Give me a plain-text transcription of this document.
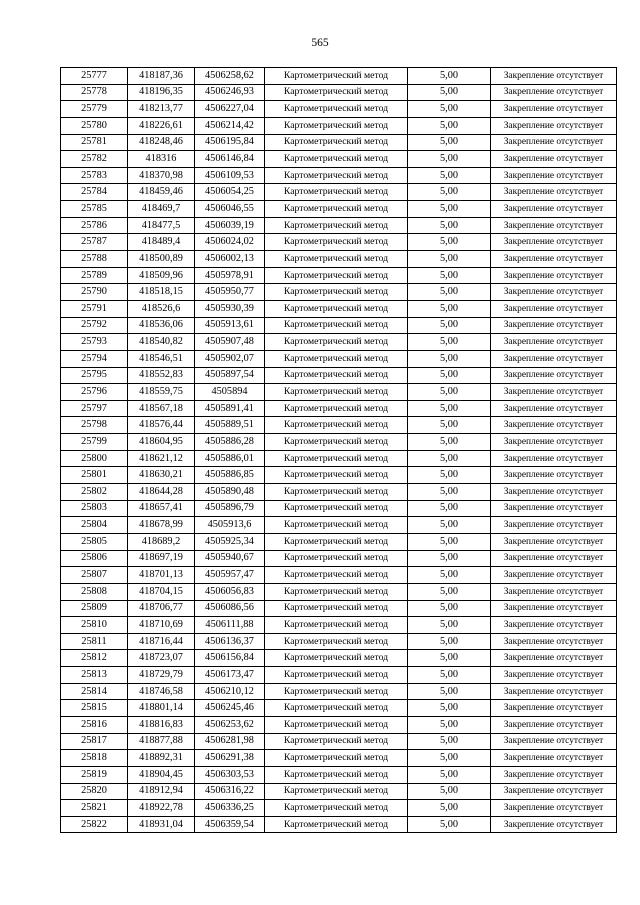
565
25777	418187,36	4506258,62	Картометрический метод	5,00	Закрепление отсутствует
25778	418196,35	4506246,93	Картометрический метод	5,00	Закрепление отсутствует
25779	418213,77	4506227,04	Картометрический метод	5,00	Закрепление отсутствует
25780	418226,61	4506214,42	Картометрический метод	5,00	Закрепление отсутствует
25781	418248,46	4506195,84	Картометрический метод	5,00	Закрепление отсутствует
25782	418316	4506146,84	Картометрический метод	5,00	Закрепление отсутствует
25783	418370,98	4506109,53	Картометрический метод	5,00	Закрепление отсутствует
25784	418459,46	4506054,25	Картометрический метод	5,00	Закрепление отсутствует
25785	418469,7	4506046,55	Картометрический метод	5,00	Закрепление отсутствует
25786	418477,5	4506039,19	Картометрический метод	5,00	Закрепление отсутствует
25787	418489,4	4506024,02	Картометрический метод	5,00	Закрепление отсутствует
25788	418500,89	4506002,13	Картометрический метод	5,00	Закрепление отсутствует
25789	418509,96	4505978,91	Картометрический метод	5,00	Закрепление отсутствует
25790	418518,15	4505950,77	Картометрический метод	5,00	Закрепление отсутствует
25791	418526,6	4505930,39	Картометрический метод	5,00	Закрепление отсутствует
25792	418536,06	4505913,61	Картометрический метод	5,00	Закрепление отсутствует
25793	418540,82	4505907,48	Картометрический метод	5,00	Закрепление отсутствует
25794	418546,51	4505902,07	Картометрический метод	5,00	Закрепление отсутствует
25795	418552,83	4505897,54	Картометрический метод	5,00	Закрепление отсутствует
25796	418559,75	4505894	Картометрический метод	5,00	Закрепление отсутствует
25797	418567,18	4505891,41	Картометрический метод	5,00	Закрепление отсутствует
25798	418576,44	4505889,51	Картометрический метод	5,00	Закрепление отсутствует
25799	418604,95	4505886,28	Картометрический метод	5,00	Закрепление отсутствует
25800	418621,12	4505886,01	Картометрический метод	5,00	Закрепление отсутствует
25801	418630,21	4505886,85	Картометрический метод	5,00	Закрепление отсутствует
25802	418644,28	4505890,48	Картометрический метод	5,00	Закрепление отсутствует
25803	418657,41	4505896,79	Картометрический метод	5,00	Закрепление отсутствует
25804	418678,99	4505913,6	Картометрический метод	5,00	Закрепление отсутствует
25805	418689,2	4505925,34	Картометрический метод	5,00	Закрепление отсутствует
25806	418697,19	4505940,67	Картометрический метод	5,00	Закрепление отсутствует
25807	418701,13	4505957,47	Картометрический метод	5,00	Закрепление отсутствует
25808	418704,15	4506056,83	Картометрический метод	5,00	Закрепление отсутствует
25809	418706,77	4506086,56	Картометрический метод	5,00	Закрепление отсутствует
25810	418710,69	4506111,88	Картометрический метод	5,00	Закрепление отсутствует
25811	418716,44	4506136,37	Картометрический метод	5,00	Закрепление отсутствует
25812	418723,07	4506156,84	Картометрический метод	5,00	Закрепление отсутствует
25813	418729,79	4506173,47	Картометрический метод	5,00	Закрепление отсутствует
25814	418746,58	4506210,12	Картометрический метод	5,00	Закрепление отсутствует
25815	418801,14	4506245,46	Картометрический метод	5,00	Закрепление отсутствует
25816	418816,83	4506253,62	Картометрический метод	5,00	Закрепление отсутствует
25817	418877,88	4506281,98	Картометрический метод	5,00	Закрепление отсутствует
25818	418892,31	4506291,38	Картометрический метод	5,00	Закрепление отсутствует
25819	418904,45	4506303,53	Картометрический метод	5,00	Закрепление отсутствует
25820	418912,94	4506316,22	Картометрический метод	5,00	Закрепление отсутствует
25821	418922,78	4506336,25	Картометрический метод	5,00	Закрепление отсутствует
25822	418931,04	4506359,54	Картометрический метод	5,00	Закрепление отсутствует
